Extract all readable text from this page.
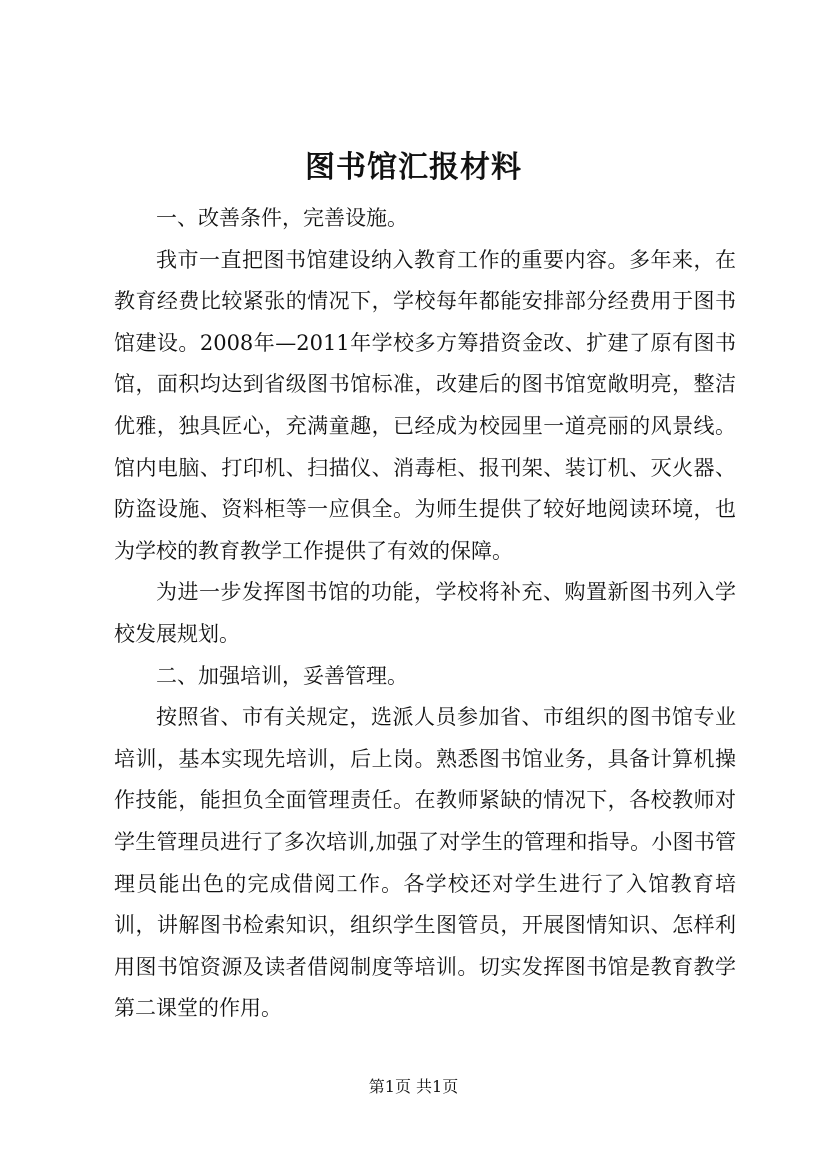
图书馆汇报材料

一、改善条件，完善设施。

我市一直把图书馆建设纳入教育工作的重要内容。多年来，在教育经费比较紧张的情况下，学校每年都能安排部分经费用于图书馆建设。2008年—2011年学校多方筹措资金改、扩建了原有图书馆，面积均达到省级图书馆标准，改建后的图书馆宽敞明亮，整洁优雅，独具匠心，充满童趣，已经成为校园里一道亮丽的风景线。馆内电脑、打印机、扫描仪、消毒柜、报刊架、装订机、灭火器、防盗设施、资料柜等一应俱全。为师生提供了较好地阅读环境，也为学校的教育教学工作提供了有效的保障。

为进一步发挥图书馆的功能，学校将补充、购置新图书列入学校发展规划。

二、加强培训，妥善管理。

按照省、市有关规定，选派人员参加省、市组织的图书馆专业培训，基本实现先培训，后上岗。熟悉图书馆业务，具备计算机操作技能，能担负全面管理责任。在教师紧缺的情况下，各校教师对学生管理员进行了多次培训,加强了对学生的管理和指导。小图书管理员能出色的完成借阅工作。各学校还对学生进行了入馆教育培训，讲解图书检索知识，组织学生图管员，开展图情知识、怎样利用图书馆资源及读者借阅制度等培训。切实发挥图书馆是教育教学第二课堂的作用。

第1页 共1页
